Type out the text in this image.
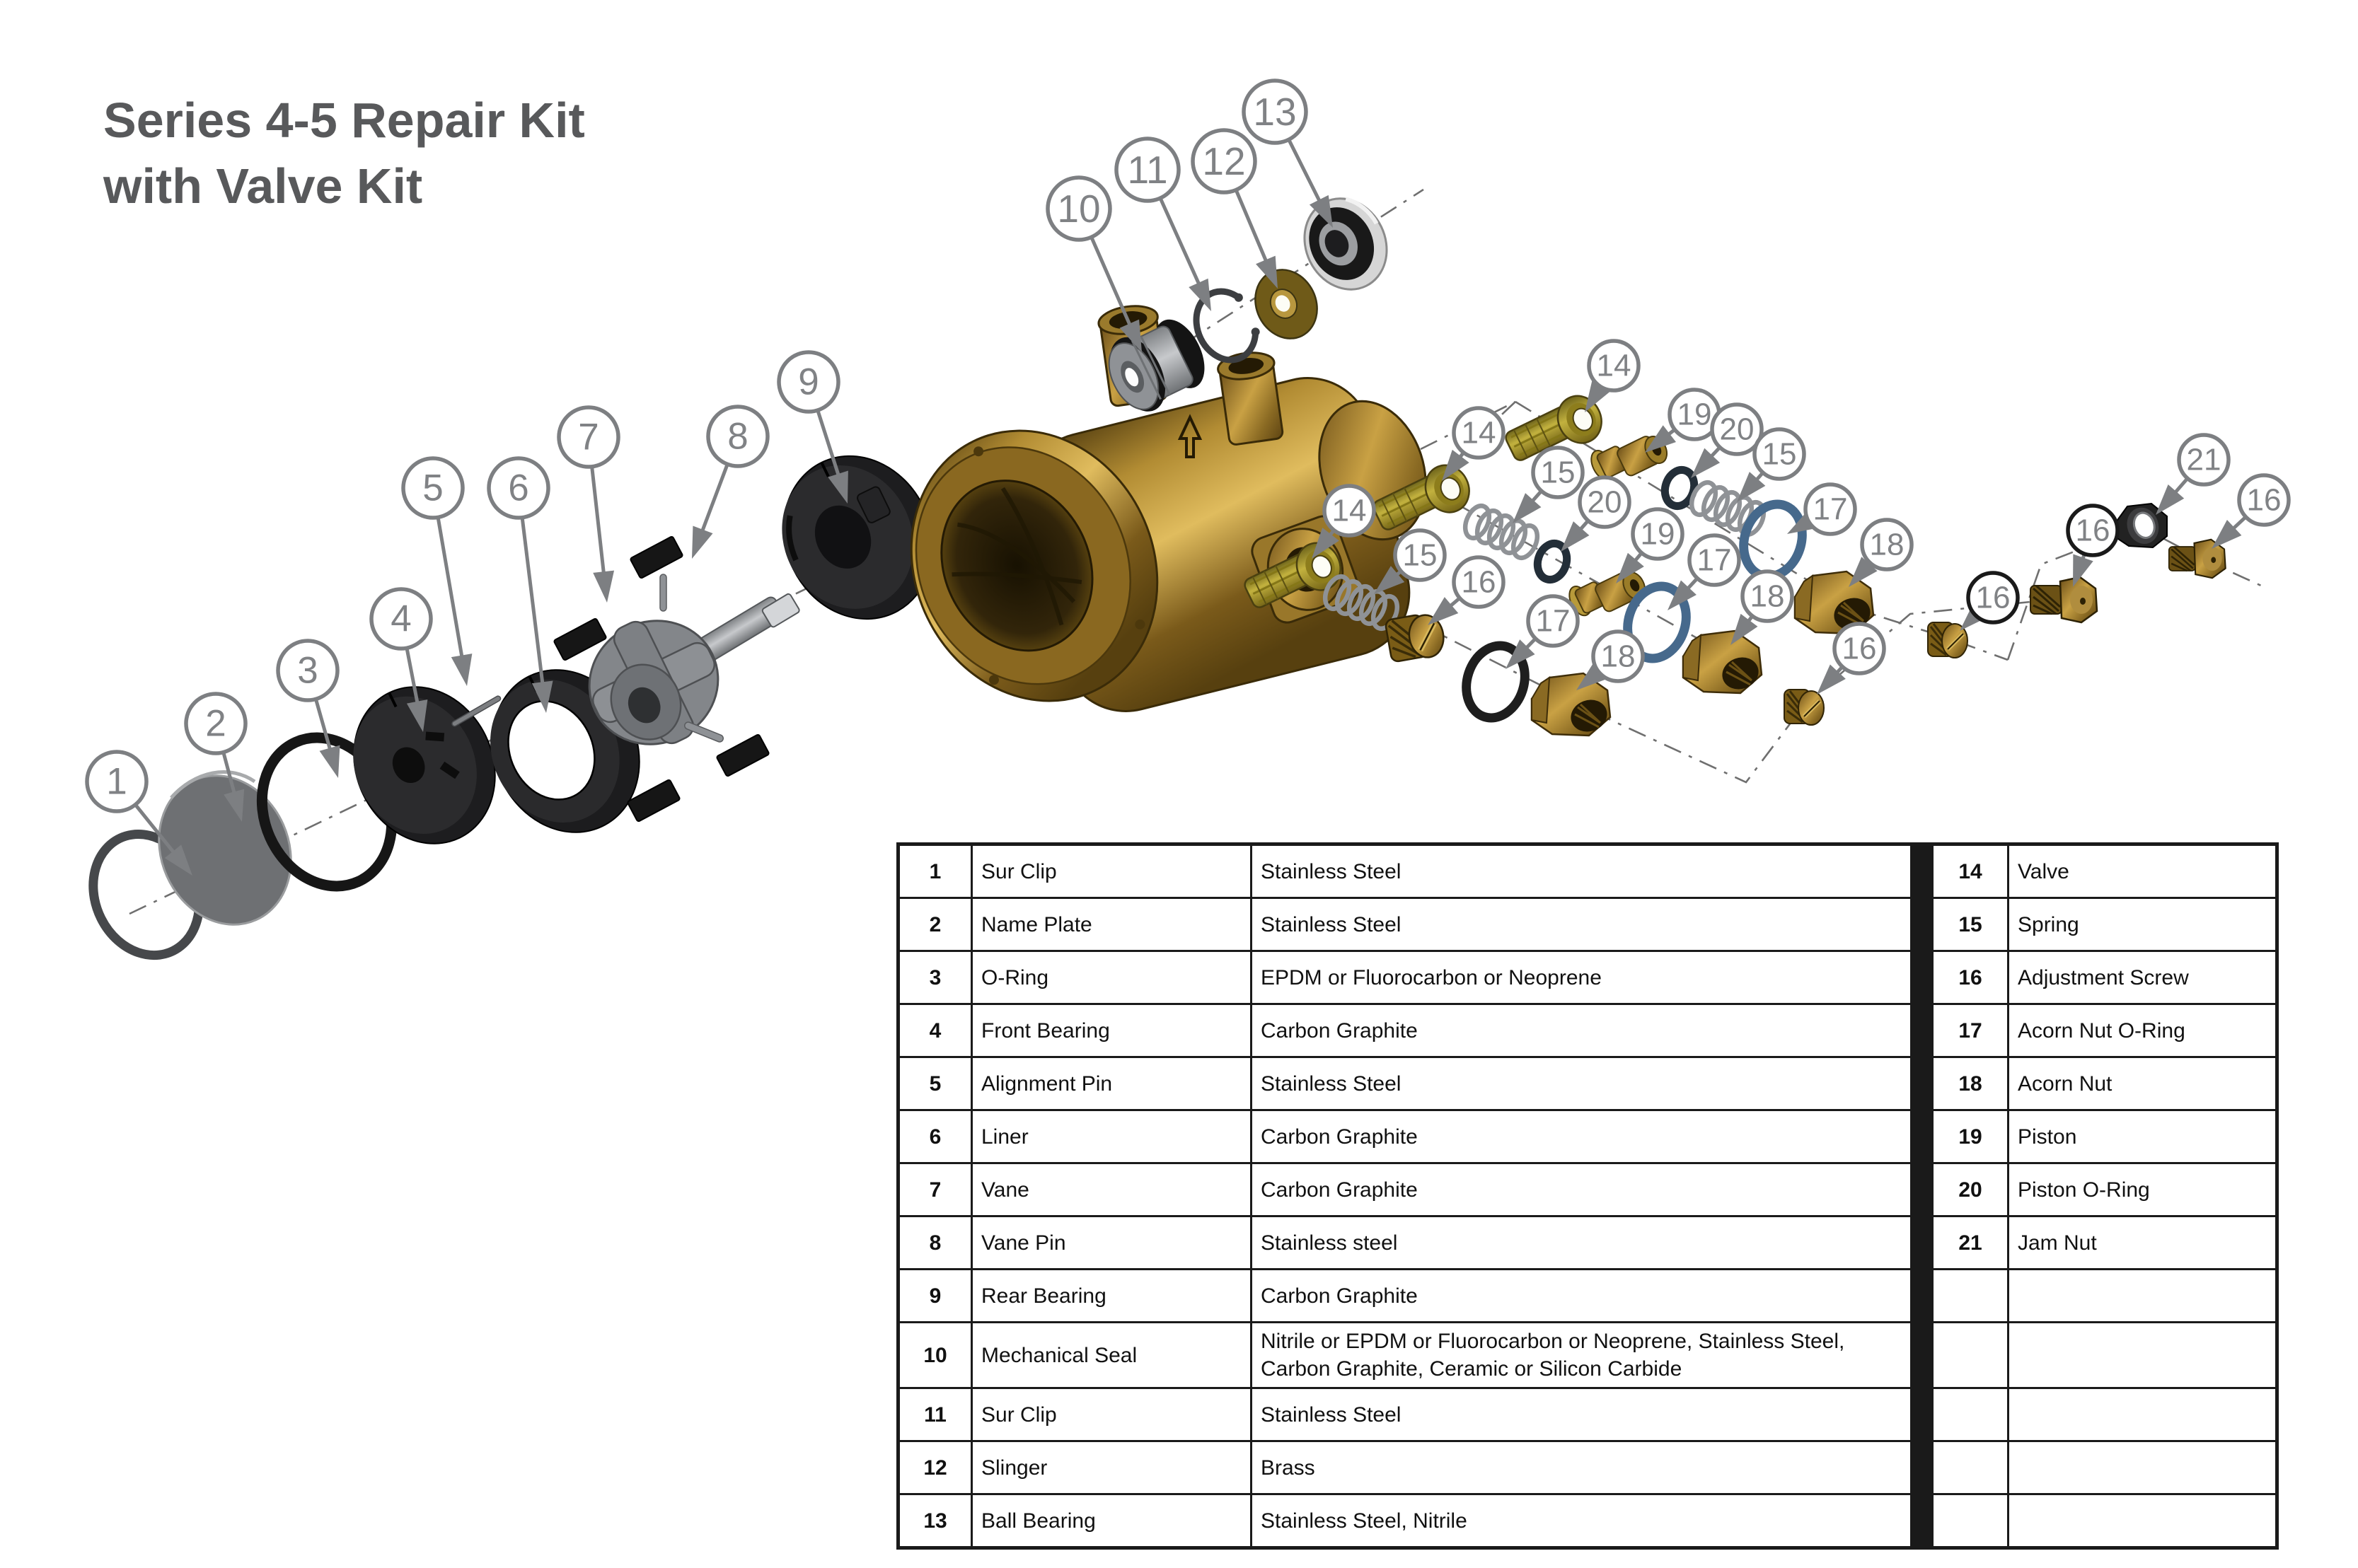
Series 4-5 Repair Kit
with Valve Kit
1
2
3
4
5 6
7	8
9
10
11 12
13
14
19 20
15
17
18
14
15
20
19
17
18
14
15
16
17
18	16
16
16
21
16
1	Sur Clip	Stainless Steel		14	Valve
2	Name Plate	Stainless Steel		15	Spring
3	O-Ring	EPDM or Fluorocarbon or Neoprene		16	Adjustment Screw
4	Front Bearing	Carbon Graphite		17	Acorn Nut O-Ring
5	Alignment Pin	Stainless Steel		18	Acorn Nut
6	Liner	Carbon Graphite		19	Piston
7	Vane	Carbon Graphite		20	Piston O-Ring
8	Vane Pin	Stainless steel		21	Jam Nut
9	Rear Bearing	Carbon Graphite			
10	Mechanical Seal	Nitrile or EPDM or Fluorocarbon or Neoprene, Stainless Steel, Carbon Graphite, Ceramic or Silicon Carbide			
11	Sur Clip	Stainless Steel			
12	Slinger	Brass			
13	Ball Bearing	Stainless Steel, Nitrile			
